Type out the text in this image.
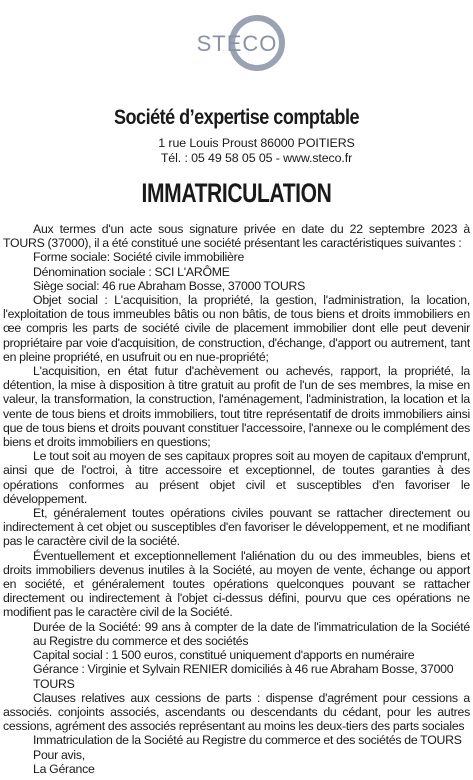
STECO
Société d’expertise comptable
1 rue Louis Proust 86000 POITIERS
Tél. : 05 49 58 05 05 - www.steco.fr
IMMATRICULATION

Aux termes d'un acte sous signature privée en date du 22 septembre 2023 à TOURS (37000), il a été constitué une société présentant les caractéristiques suivantes :

Forme sociale: Société civile immobilière

Dénomination sociale : SCI L'ARÔME

Siège social: 46 rue Abraham Bosse, 37000 TOURS

Objet social : L'acquisition, la propriété, la gestion, l'administration, la location, l'exploitation de tous immeubles bâtis ou non bâtis, de tous biens et droits immobiliers en œe compris les parts de société civile de placement immobilier dont elle peut devenir propriétaire par voie d'acquisition, de construction, d'échange, d'apport ou autrement, tant en pleine propriété, en usufruit ou en nue-propriété;

L'acquisition, en état futur d'achèvement ou achevés, rapport, la propriété, la détention, la mise à disposition à titre gratuit au profit de l'un de ses membres, la mise en valeur, la transformation, la construction, l'aménagement, l'administration, la location et la vente de tous biens et droits immobiliers, tout titre représentatif de droits immobiliers ainsi que de tous biens et droits pouvant constituer l'accessoire, l'annexe ou le complément des biens et droits immobiliers en questions;

Le tout soit au moyen de ses capitaux propres soit au moyen de capitaux d'emprunt, ainsi que de l'octroi, à titre accessoire et exceptionnel, de toutes garanties à des opérations conformes au présent objet civil et susceptibles d'en favoriser le développement.

Et, généralement toutes opérations civiles pouvant se rattacher directement ou indirectement à cet objet ou susceptibles d'en favoriser le développement, et ne modifiant pas le caractère civil de la société.

Éventuellement et exceptionnellement l'aliénation du ou des immeubles, biens et droits immobiliers devenus inutiles à la Société, au moyen de vente, échange ou apport en société, et généralement toutes opérations quelconques pouvant se rattacher directement ou indirectement à l'objet ci-dessus défini, pourvu que ces opérations ne modifient pas le caractère civil de la Société.

Durée de la Société: 99 ans à compter de la date de l'immatriculation de la Société au Registre du commerce et des sociétés

Capital social : 1 500 euros, constitué uniquement d'apports en numéraire

Gérance : Virginie et Sylvain RENIER domiciliés à 46 rue Abraham Bosse, 37000 TOURS

Clauses relatives aux cessions de parts : dispense d'agrément pour cessions a associés. conjoints associés, ascendants ou descendants du cédant, pour les autres cessions, agrément des associés représentant au moins les deux-tiers des parts sociales

Immatriculation de la Société au Registre du commerce et des sociétés de TOURS

Pour avis,

La Gérance
